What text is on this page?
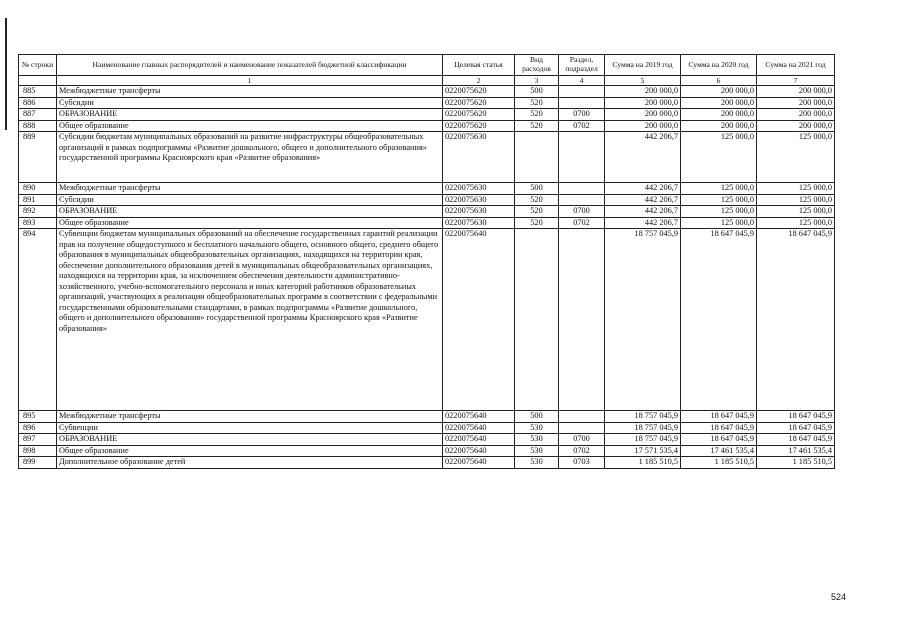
№ строки	Наименование главных распорядителей и наименование показателей бюджетной классификации	Целевая статья	Вид расходов	Раздел, подраздел	Сумма на 2019 год	Сумма на 2020 год	Сумма на 2021 год
	1	2	3	4	5	6	7
885	Межбюджетные трансферты	0220075620	500		200 000,0	200 000,0	200 000,0
886	Субсидии	0220075620	520		200 000,0	200 000,0	200 000,0
887	ОБРАЗОВАНИЕ	0220075620	520	0700	200 000,0	200 000,0	200 000,0
888	Общее образование	0220075620	520	0702	200 000,0	200 000,0	200 000,0
889	Субсидии бюджетам муниципальных образований на развитие инфраструктуры общеобразовательных организаций в рамках подпрограммы «Развитие дошкольного, общего и дополнительного образования» государственной программы Красноярского края «Развитие образования»	0220075630			442 206,7	125 000,0	125 000,0
890	Межбюджетные трансферты	0220075630	500		442 206,7	125 000,0	125 000,0
891	Субсидии	0220075630	520		442 206,7	125 000,0	125 000,0
892	ОБРАЗОВАНИЕ	0220075630	520	0700	442 206,7	125 000,0	125 000,0
893	Общее образование	0220075630	520	0702	442 206,7	125 000,0	125 000,0
894	Субвенции бюджетам муниципальных образований на обеспечение государственных гарантий реализации прав на получение общедоступного и бесплатного начального общего, основного общего, среднего общего образования в муниципальных общеобразовательных организациях, находящихся на территории края, обеспечение дополнительного образования детей в муниципальных общеобразовательных организациях, находящихся на территории края, за исключением обеспечения деятельности административно-хозяйственного, учебно-вспомогательного персонала и иных категорий работников образовательных организаций, участвующих в реализации общеобразовательных программ в соответствии с федеральными государственными образовательными стандартами, в рамках подпрограммы «Развитие дошкольного, общего и дополнительного образования» государственной программы Красноярского края «Развитие образования»	0220075640			18 757 045,9	18 647 045,9	18 647 045,9
895	Межбюджетные трансферты	0220075640	500		18 757 045,9	18 647 045,9	18 647 045,9
896	Субвенции	0220075640	530		18 757 045,9	18 647 045,9	18 647 045,9
897	ОБРАЗОВАНИЕ	0220075640	530	0700	18 757 045,9	18 647 045,9	18 647 045,9
898	Общее образование	0220075640	530	0702	17 571 535,4	17 461 535,4	17 461 535,4
899	Дополнительное образование детей	0220075640	530	0703	1 185 510,5	1 185 510,5	1 185 510,5
524
